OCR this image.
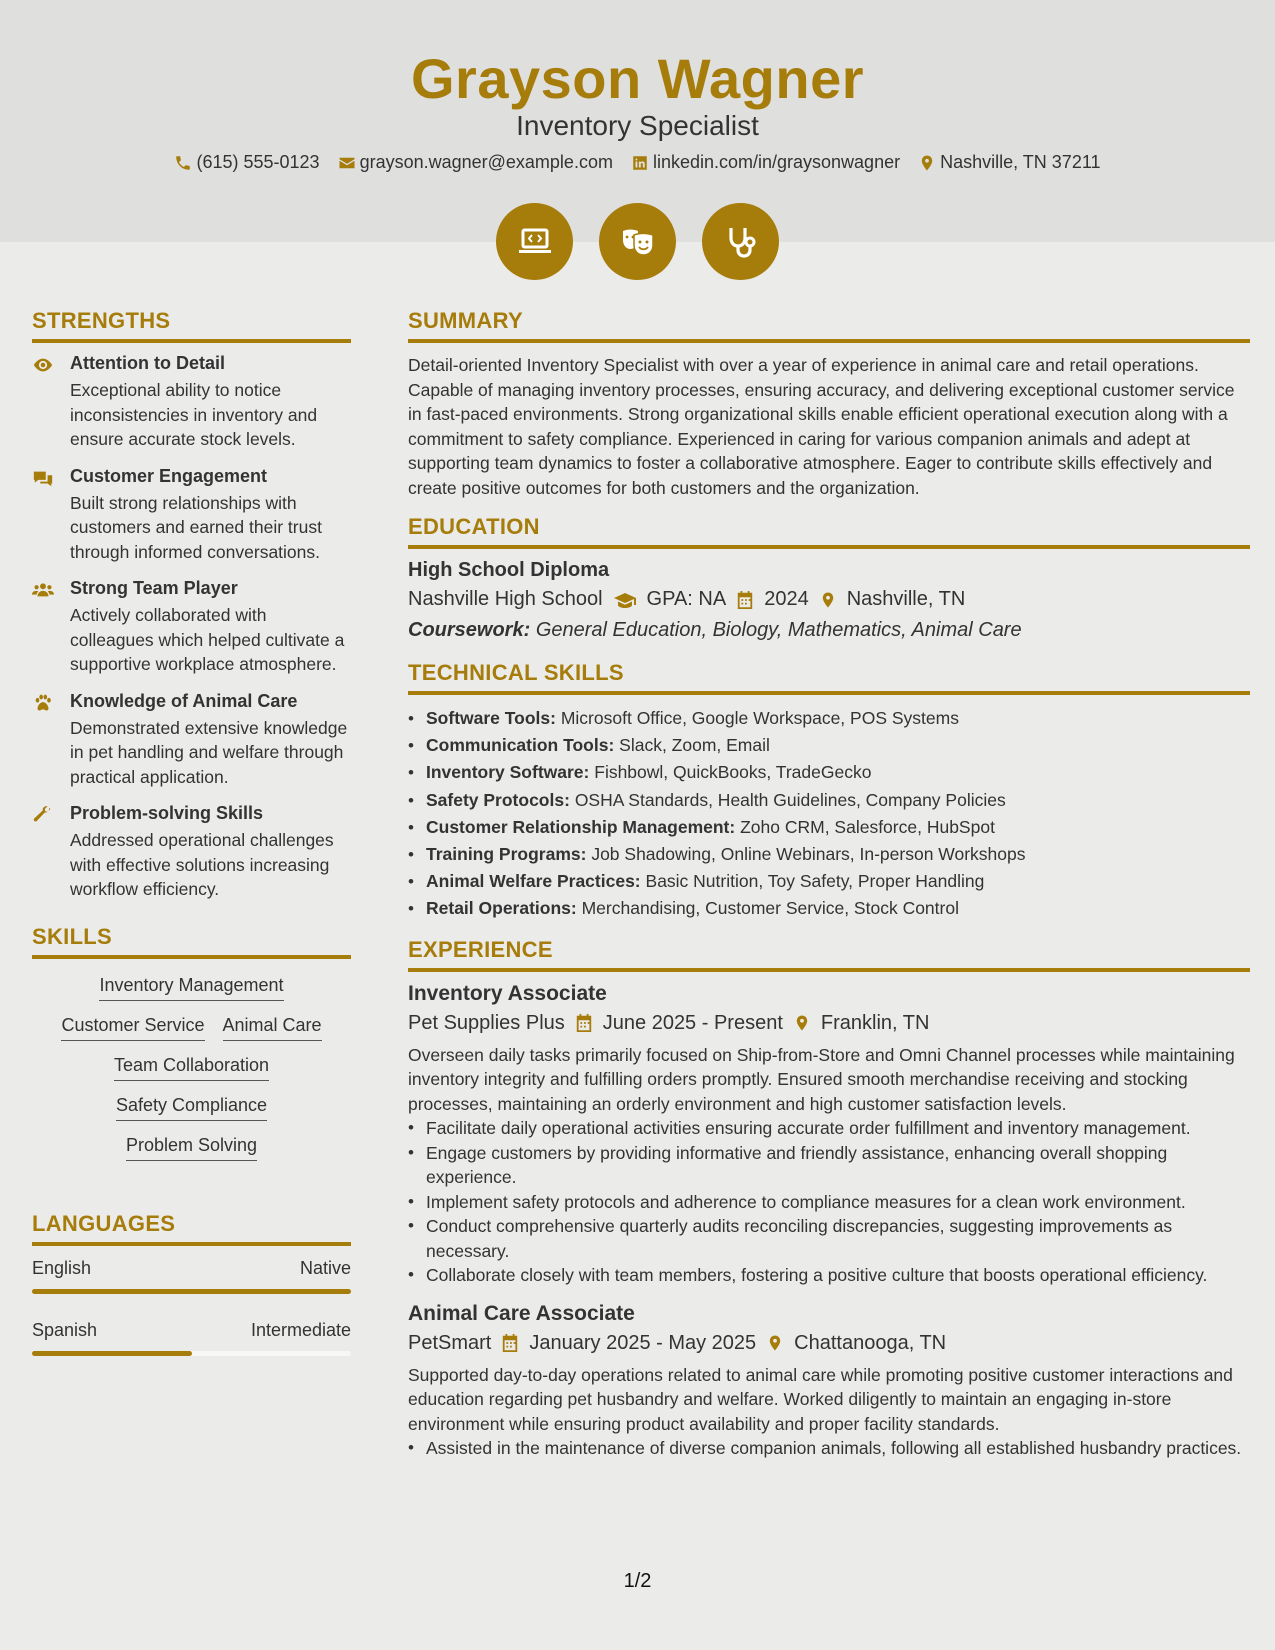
Grayson Wagner
Inventory Specialist
(615) 555-0123 grayson.wagner@example.com linkedin.com/in/graysonwagner Nashville, TN 37211
STRENGTHS
Attention to Detail
Exceptional ability to notice inconsistencies in inventory and ensure accurate stock levels.
Customer Engagement
Built strong relationships with customers and earned their trust through informed conversations.
Strong Team Player
Actively collaborated with colleagues which helped cultivate a supportive workplace atmosphere.
Knowledge of Animal Care
Demonstrated extensive knowledge in pet handling and welfare through practical application.
Problem-solving Skills
Addressed operational challenges with effective solutions increasing workflow efficiency.
SKILLS
Inventory Management
Customer Service Animal Care
Team Collaboration
Safety Compliance
Problem Solving
LANGUAGES
English	Native
Spanish	Intermediate
SUMMARY
Detail-oriented Inventory Specialist with over a year of experience in animal care and retail operations. Capable of managing inventory processes, ensuring accuracy, and delivering exceptional customer service in fast-paced environments. Strong organizational skills enable efficient operational execution along with a commitment to safety compliance. Experienced in caring for various companion animals and adept at supporting team dynamics to foster a collaborative atmosphere. Eager to contribute skills effectively and create positive outcomes for both customers and the organization.
EDUCATION
High School Diploma
Nashville High School GPA: NA 2024 Nashville, TN
Coursework: General Education, Biology, Mathematics, Animal Care
TECHNICAL SKILLS
• Software Tools: Microsoft Office, Google Workspace, POS Systems
• Communication Tools: Slack, Zoom, Email
• Inventory Software: Fishbowl, QuickBooks, TradeGecko
• Safety Protocols: OSHA Standards, Health Guidelines, Company Policies
• Customer Relationship Management: Zoho CRM, Salesforce, HubSpot
• Training Programs: Job Shadowing, Online Webinars, In-person Workshops
• Animal Welfare Practices: Basic Nutrition, Toy Safety, Proper Handling
• Retail Operations: Merchandising, Customer Service, Stock Control
EXPERIENCE
Inventory Associate
Pet Supplies Plus June 2025 - Present Franklin, TN
Overseen daily tasks primarily focused on Ship-from-Store and Omni Channel processes while maintaining inventory integrity and fulfilling orders promptly. Ensured smooth merchandise receiving and stocking processes, maintaining an orderly environment and high customer satisfaction levels.
• Facilitate daily operational activities ensuring accurate order fulfillment and inventory management.
• Engage customers by providing informative and friendly assistance, enhancing overall shopping experience.
• Implement safety protocols and adherence to compliance measures for a clean work environment.
• Conduct comprehensive quarterly audits reconciling discrepancies, suggesting improvements as necessary.
• Collaborate closely with team members, fostering a positive culture that boosts operational efficiency.
Animal Care Associate
PetSmart January 2025 - May 2025 Chattanooga, TN
Supported day-to-day operations related to animal care while promoting positive customer interactions and education regarding pet husbandry and welfare. Worked diligently to maintain an engaging in-store environment while ensuring product availability and proper facility standards.
• Assisted in the maintenance of diverse companion animals, following all established husbandry practices.
1/2
